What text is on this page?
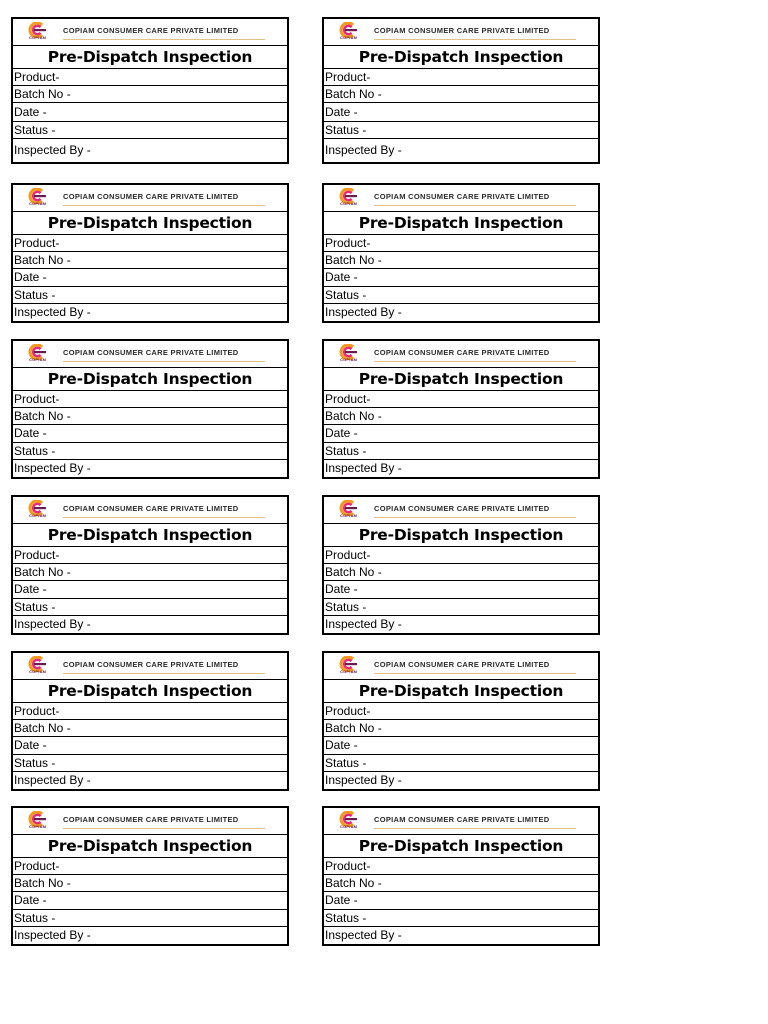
COPIAM
COPIAM CONSUMER CARE PRIVATE LIMITED
Pre-Dispatch Inspection
Product-
Batch No -
Date -
Status -
Inspected By -
COPIAM
COPIAM CONSUMER CARE PRIVATE LIMITED
Pre-Dispatch Inspection
Product-
Batch No -
Date -
Status -
Inspected By -
COPIAM
COPIAM CONSUMER CARE PRIVATE LIMITED
Pre-Dispatch Inspection
Product-
Batch No -
Date -
Status -
Inspected By -
COPIAM
COPIAM CONSUMER CARE PRIVATE LIMITED
Pre-Dispatch Inspection
Product-
Batch No -
Date -
Status -
Inspected By -
COPIAM
COPIAM CONSUMER CARE PRIVATE LIMITED
Pre-Dispatch Inspection
Product-
Batch No -
Date -
Status -
Inspected By -
COPIAM
COPIAM CONSUMER CARE PRIVATE LIMITED
Pre-Dispatch Inspection
Product-
Batch No -
Date -
Status -
Inspected By -
COPIAM
COPIAM CONSUMER CARE PRIVATE LIMITED
Pre-Dispatch Inspection
Product-
Batch No -
Date -
Status -
Inspected By -
COPIAM
COPIAM CONSUMER CARE PRIVATE LIMITED
Pre-Dispatch Inspection
Product-
Batch No -
Date -
Status -
Inspected By -
COPIAM
COPIAM CONSUMER CARE PRIVATE LIMITED
Pre-Dispatch Inspection
Product-
Batch No -
Date -
Status -
Inspected By -
COPIAM
COPIAM CONSUMER CARE PRIVATE LIMITED
Pre-Dispatch Inspection
Product-
Batch No -
Date -
Status -
Inspected By -
COPIAM
COPIAM CONSUMER CARE PRIVATE LIMITED
Pre-Dispatch Inspection
Product-
Batch No -
Date -
Status -
Inspected By -
COPIAM
COPIAM CONSUMER CARE PRIVATE LIMITED
Pre-Dispatch Inspection
Product-
Batch No -
Date -
Status -
Inspected By -
